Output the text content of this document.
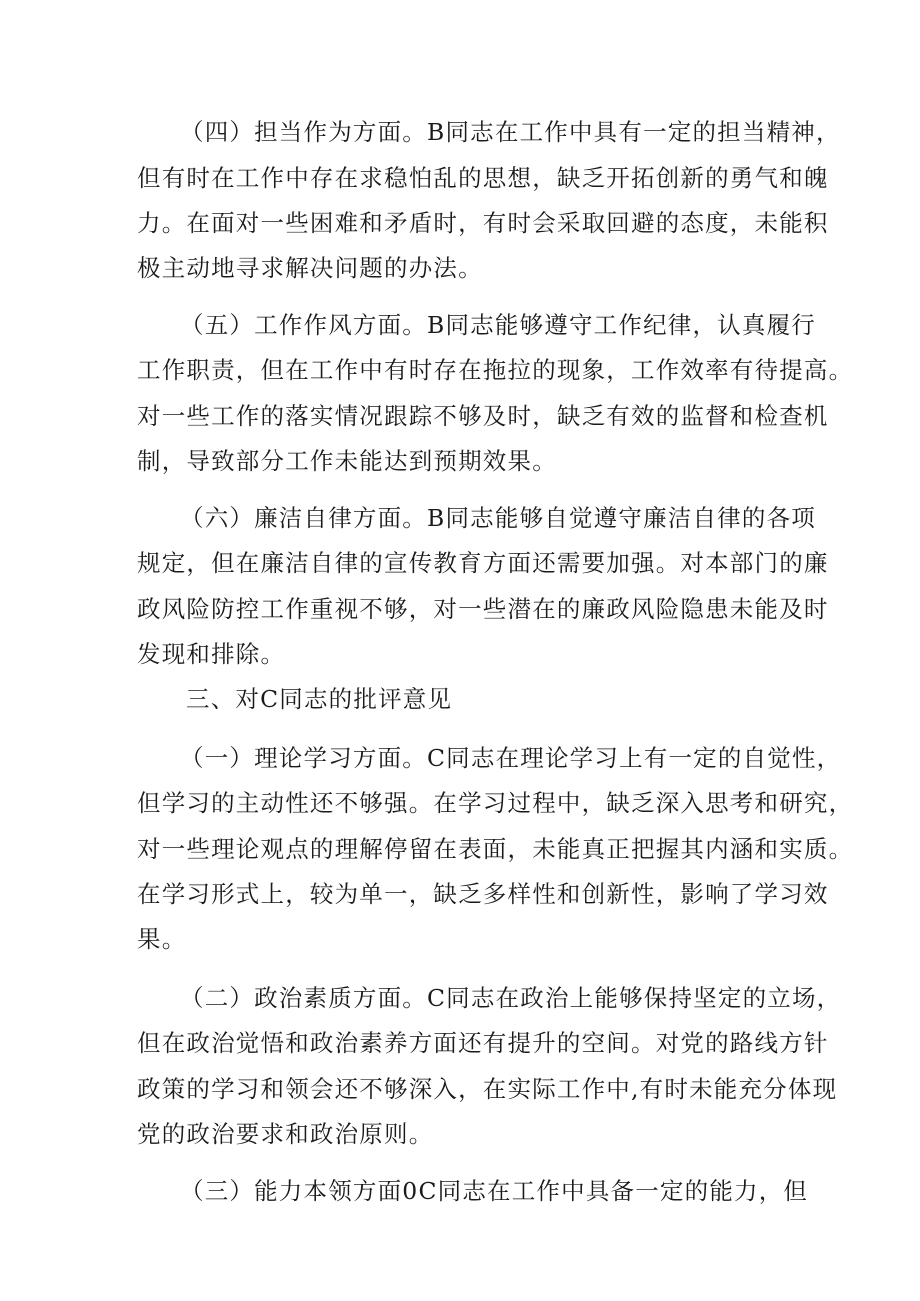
（四）担当作为方面。B同志在工作中具有一定的担当精神，
但有时在工作中存在求稳怕乱的思想，缺乏开拓创新的勇气和魄
力。在面对一些困难和矛盾时，有时会采取回避的态度，未能积
极主动地寻求解决问题的办法。
（五）工作作风方面。B同志能够遵守工作纪律，认真履行
工作职责，但在工作中有时存在拖拉的现象，工作效率有待提高。
对一些工作的落实情况跟踪不够及时，缺乏有效的监督和检查机
制，导致部分工作未能达到预期效果。
（六）廉洁自律方面。B同志能够自觉遵守廉洁自律的各项
规定，但在廉洁自律的宣传教育方面还需要加强。对本部门的廉
政风险防控工作重视不够，对一些潜在的廉政风险隐患未能及时
发现和排除。
三、对C同志的批评意见
（一）理论学习方面。C同志在理论学习上有一定的自觉性，
但学习的主动性还不够强。在学习过程中，缺乏深入思考和研究，
对一些理论观点的理解停留在表面，未能真正把握其内涵和实质。
在学习形式上，较为单一，缺乏多样性和创新性，影响了学习效
果。
（二）政治素质方面。C同志在政治上能够保持坚定的立场，
但在政治觉悟和政治素养方面还有提升的空间。对党的路线方针
政策的学习和领会还不够深入，在实际工作中,有时未能充分体现
党的政治要求和政治原则。
（三）能力本领方面0C同志在工作中具备一定的能力，但
